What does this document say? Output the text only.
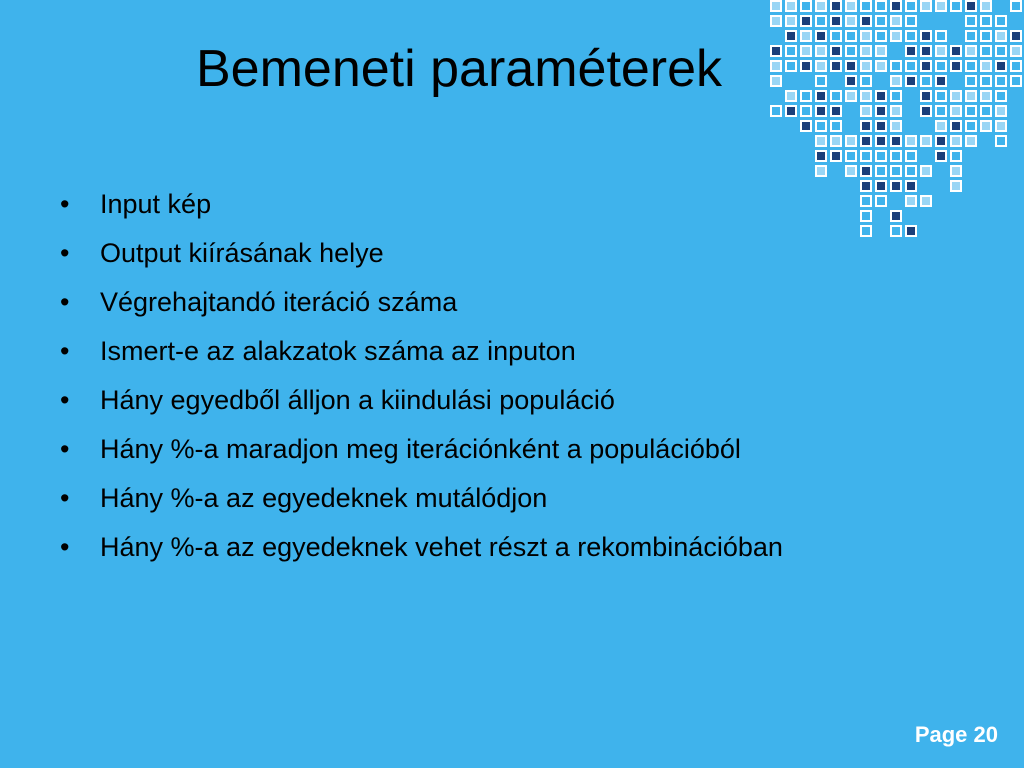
Bemeneti paraméterek
•	Input kép
•	Output kiírásának helye
•	Végrehajtandó iteráció száma
•	Ismert-e az alakzatok száma az inputon
•	Hány egyedből álljon a kiindulási populáció
•	Hány %-a maradjon meg iterációnként a populációból
•	Hány %-a az egyedeknek mutálódjon
•	Hány %-a az egyedeknek vehet részt a rekombinációban
Page 20
